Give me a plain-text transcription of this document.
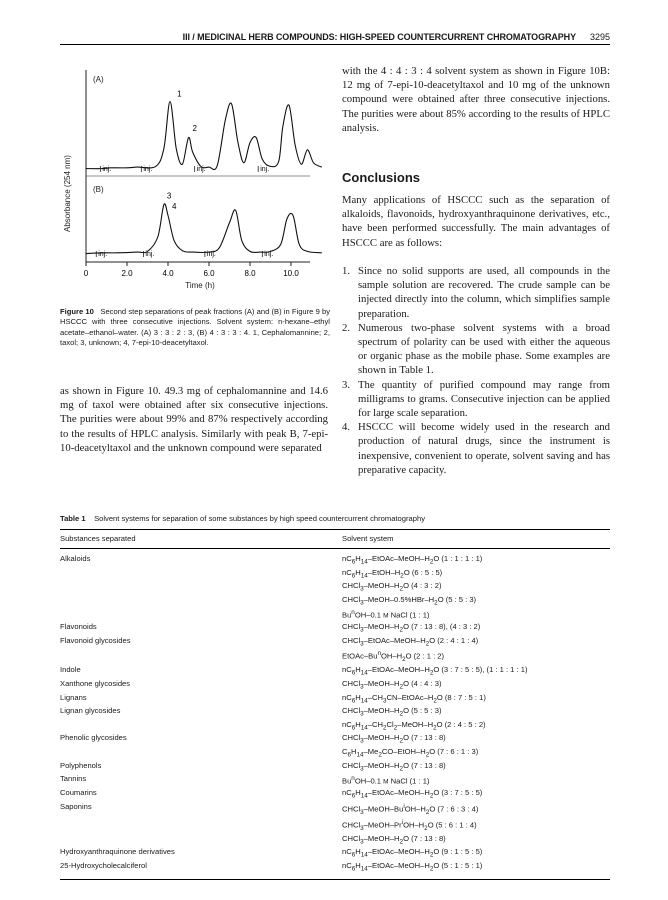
III / MEDICINAL HERB COMPOUNDS: HIGH-SPEED COUNTERCURRENT CHROMATOGRAPHY 3295
(A)
(B)
Absorbance (254 nm)
Time (h)
0	2.0	4.0	6.0	8.0	10.0
1
2
3
4
inj.	inj.	inj.	inj.
inj.	inj.	inj.	inj.
Figure 10 Second step separations of peak fractions (A) and (B) in Figure 9 by HSCCC with three consecutive injections. Solvent system: n-hexane–ethyl acetate–ethanol–water. (A) 3 : 3 : 2 : 3, (B) 4 : 3 : 3 : 4. 1, Cephalomannine; 2, taxol; 3, unknown; 4, 7-epi-10-deacetyltaxol.

as shown in Figure 10. 49.3 mg of cephalomannine and 14.6 mg of taxol were obtained after six consecutive injections. The purities were about 99% and 87% respectively according to the results of HPLC analysis. Similarly with peak B, 7-epi-10-deacetyltaxol and the unknown compound were separated

with the 4 : 4 : 3 : 4 solvent system as shown in Figure 10B: 12 mg of 7-epi-10-deacetyltaxol and 10 mg of the unknown compound were obtained after three consecutive injections. The purities were about 85% according to the results of HPLC analysis.

Conclusions

Many applications of HSCCC such as the separation of alkaloids, flavonoids, hydroxyanthraquinone derivatives, etc., have been performed successfully. The main advantages of HSCCC are as follows:

1. Since no solid supports are used, all compounds in the sample solution are recovered. The crude sample can be injected directly into the column, which simplifies sample preparation.
2. Numerous two-phase solvent systems with a broad spectrum of polarity can be used with either the aqueous or organic phase as the mobile phase. Some examples are shown in Table 1.
3. The quantity of purified compound may range from milligrams to grams. Consecutive injection can be applied for large scale separation.
4. HSCCC will become widely used in the research and production of natural drugs, since the instrument is inexpensive, convenient to operate, solvent saving and has preparative capacity.

Table 1 Solvent systems for separation of some substances by high speed countercurrent chromatography

Substances separated	Solvent system
Alkaloids	$nC_6H_{14}-EtOAc-MeOH-H_2O$ (1 : 1 : 1 : 1)
	$nC_6H_{14}-EtOH-H_2O$ (6 : 5 : 5)
	$CHCl_3-MeOH-H_2O$ (4 : 3 : 2)
	$CHCl_3-MeOH-0.5\%HBr-H_2O$ (5 : 5 : 3)
	Bu$^n$OH–0.1 M NaCl (1 : 1)
Flavonoids	$CHCl_3-MeOH-H_2O$ (7 : 13 : 8), (4 : 3 : 2)
Flavonoid glycosides	$CHCl_3-EtOAc-MeOH-H_2O$ (2 : 4 : 1 : 4)
	EtOAc–$Bu^nOH-H_2O$ (2 : 1 : 2)
Indole	$nC_6H_{14}-EtOAc-MeOH-H_2O$ (3 : 7 : 5 : 5), (1 : 1 : 1 : 1)
Xanthone glycosides	$CHCl_3-MeOH-H_2O$ (4 : 4 : 3)
Lignans	$nC_6H_{14}-CH_3CN-EtOAc-H_2O$ (8 : 7 : 5 : 1)
Lignan glycosides	$CHCl_3-MeOH-H_2O$ (5 : 5 : 3)
	$nC_6H_{14}-CH_2Cl_2-MeOH-H_2O$ (2 : 4 : 5 : 2)
Phenolic glycosides	$CHCl_3-MeOH-H_2O$ (7 : 13 : 8)
	$C_6H_{14}-Me_2CO-EtOH-H_2O$ (7 : 6 : 1 : 3)
Polyphenols	$CHCl_3-MeOH-H_2O$ (7 : 13 : 8)
Tannins	Bu$^n$OH–0.1 M NaCl (1 : 1)
Coumarins	$nC_6H_{14}-EtOAc-MeOH-H_2O$ (3 : 7 : 5 : 5)
Saponins	$CHCl_3-MeOH-Bu^iOH-H_2O$ (7 : 6 : 3 : 4)
	$CHCl_3-MeOH-Pr^iOH-H_2O$ (5 : 6 : 1 : 4)
	$CHCl_3-MeOH-H_2O$ (7 : 13 : 8)
Hydroxyanthraquinone derivatives	$nC_6H_{14}-EtOAc-MeOH-H_2O$ (9 : 1 : 5 : 5)
25-Hydroxycholecalciferol	$nC_6H_{14}-EtOAc-MeOH-H_2O$ (5 : 1 : 5 : 1)
